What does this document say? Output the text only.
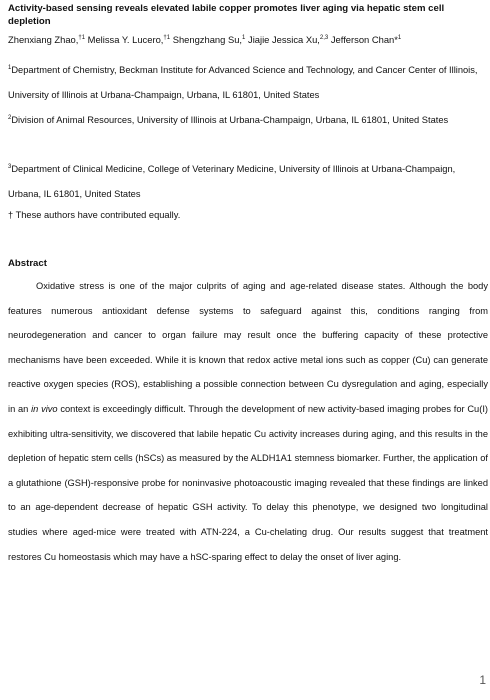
Activity-based sensing reveals elevated labile copper promotes liver aging via hepatic stem cell depletion
Zhenxiang Zhao,$^{\dagger 1}$ Melissa Y. Lucero,$^{\dagger 1}$ Shengzhang Su,$^1$ Jiajie Jessica Xu,$^{2,3}$ Jefferson Chan*$^1$
$^1$Department of Chemistry, Beckman Institute for Advanced Science and Technology, and Cancer Center of Illinois, University of Illinois at Urbana-Champaign, Urbana, IL 61801, United States
$^2$Division of Animal Resources, University of Illinois at Urbana-Champaign, Urbana, IL 61801, United States
$^3$Department of Clinical Medicine, College of Veterinary Medicine, University of Illinois at Urbana-Champaign, Urbana, IL 61801, United States
† These authors have contributed equally.
Abstract

Oxidative stress is one of the major culprits of aging and age-related disease states. Although the body features numerous antioxidant defense systems to safeguard against this, conditions ranging from neurodegeneration and cancer to organ failure may result once the buffering capacity of these protective mechanisms have been exceeded. While it is known that redox active metal ions such as copper (Cu) can generate reactive oxygen species (ROS), establishing a possible connection between Cu dysregulation and aging, especially in an in vivo context is exceedingly difficult. Through the development of new activity-based imaging probes for Cu(I) exhibiting ultra-sensitivity, we discovered that labile hepatic Cu activity increases during aging, and this results in the depletion of hepatic stem cells (hSCs) as measured by the ALDH1A1 stemness biomarker. Further, the application of a glutathione (GSH)-responsive probe for noninvasive photoacoustic imaging revealed that these findings are linked to an age-dependent decrease of hepatic GSH activity. To delay this phenotype, we designed two longitudinal studies where aged-mice were treated with ATN-224, a Cu-chelating drug. Our results suggest that treatment restores Cu homeostasis which may have a hSC-sparing effect to delay the onset of liver aging.

1
